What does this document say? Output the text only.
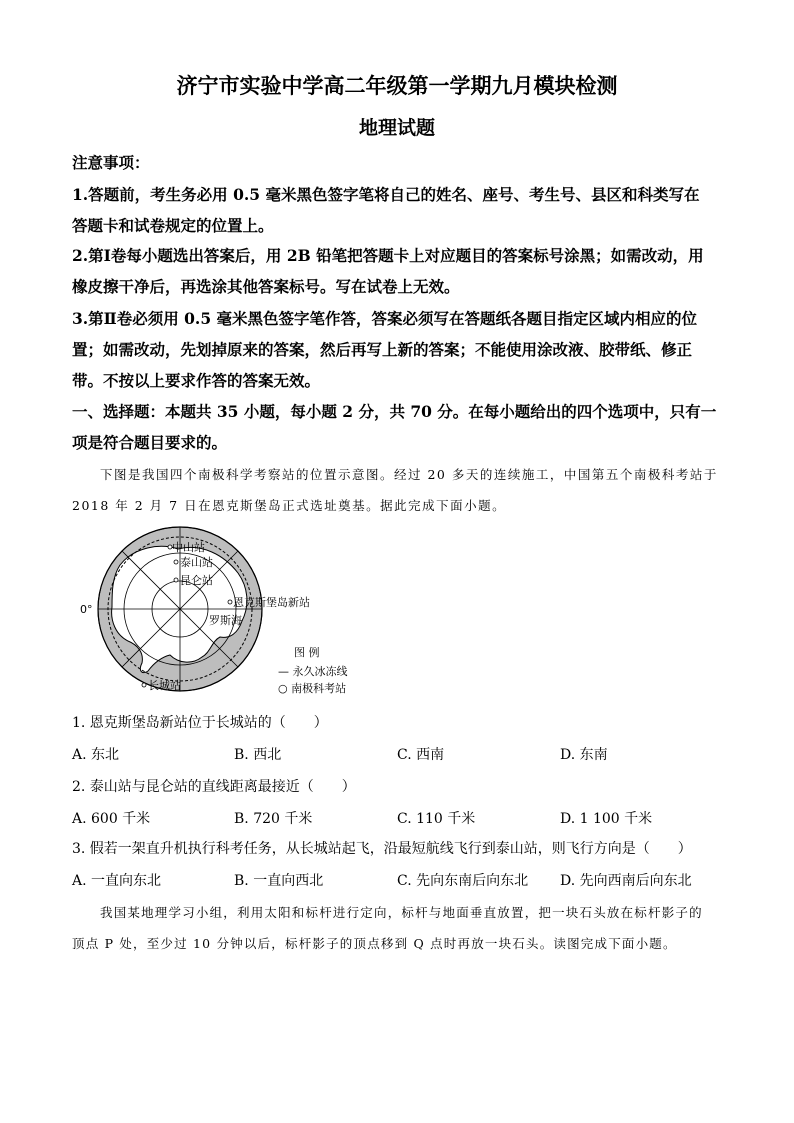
济宁市实验中学高二年级第一学期九月模块检测
地理试题
注意事项：
1.答题前，考生务必用 0.5 毫米黑色签字笔将自己的姓名、座号、考生号、县区和科类写在
答题卡和试卷规定的位置上。
2.第Ⅰ卷每小题选出答案后，用 2B 铅笔把答题卡上对应题目的答案标号涂黑；如需改动，用
橡皮擦干净后，再选涂其他答案标号。写在试卷上无效。
3.第Ⅱ卷必须用 0.5 毫米黑色签字笔作答，答案必须写在答题纸各题目指定区域内相应的位
置；如需改动，先划掉原来的答案，然后再写上新的答案；不能使用涂改液、胶带纸、修正
带。不按以上要求作答的答案无效。
一、选择题：本题共 35 小题，每小题 2 分，共 70 分。在每小题给出的四个选项中，只有一
项是符合题目要求的。
下图是我国四个南极科学考察站的位置示意图。经过 20 多天的连续施工，中国第五个南极科考站于
2018 年 2 月 7 日在恩克斯堡岛正式选址奠基。据此完成下面小题。
中山站
泰山站
昆仑站
恩克斯堡岛新站
罗斯海
长城站
0°
图 例
— 永久冰冻线
○ 南极科考站
1. 恩克斯堡岛新站位于长城站的（　　）
A. 东北	B. 西北	C. 西南	D. 东南
2. 泰山站与昆仑站的直线距离最接近（　　）
A. 600 千米	B. 720 千米	C. 110 千米	D. 1 100 千米
3. 假若一架直升机执行科考任务，从长城站起飞，沿最短航线飞行到泰山站，则飞行方向是（　　）
A. 一直向东北	B. 一直向西北	C. 先向东南后向东北 D. 先向西南后向东北
我国某地理学习小组，利用太阳和标杆进行定向，标杆与地面垂直放置，把一块石头放在标杆影子的
顶点 P 处，至少过 10 分钟以后，标杆影子的顶点移到 Q 点时再放一块石头。读图完成下面小题。
